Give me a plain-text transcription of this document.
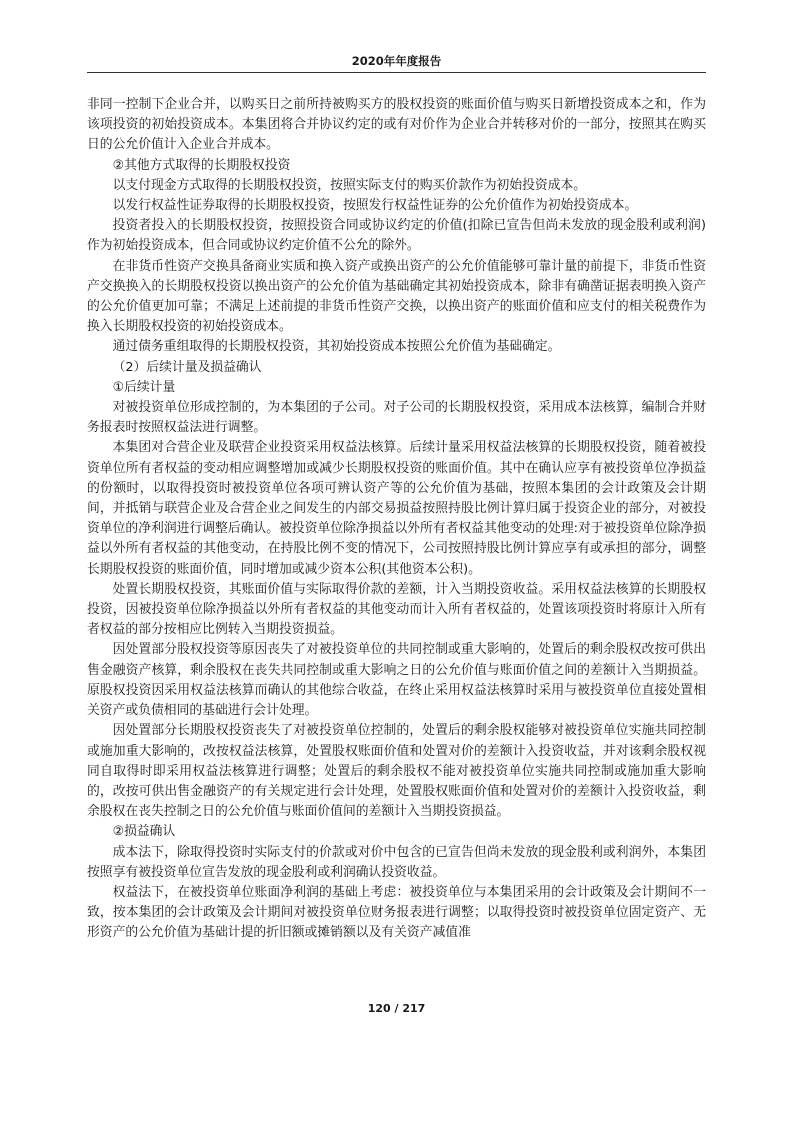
2020年年度报告

非同一控制下企业合并，以购买日之前所持被购买方的股权投资的账面价值与购买日新增投资成本之和，作为该项投资的初始投资成本。本集团将合并协议约定的或有对价作为企业合并转移对价的一部分，按照其在购买日的公允价值计入企业合并成本。

②其他方式取得的长期股权投资

以支付现金方式取得的长期股权投资，按照实际支付的购买价款作为初始投资成本。

以发行权益性证券取得的长期股权投资，按照发行权益性证券的公允价值作为初始投资成本。

投资者投入的长期股权投资，按照投资合同或协议约定的价值(扣除已宣告但尚未发放的现金股利或利润)作为初始投资成本，但合同或协议约定价值不公允的除外。

在非货币性资产交换具备商业实质和换入资产或换出资产的公允价值能够可靠计量的前提下，非货币性资产交换换入的长期股权投资以换出资产的公允价值为基础确定其初始投资成本，除非有确凿证据表明换入资产的公允价值更加可靠；不满足上述前提的非货币性资产交换，以换出资产的账面价值和应支付的相关税费作为换入长期股权投资的初始投资成本。

通过债务重组取得的长期股权投资，其初始投资成本按照公允价值为基础确定。

（2）后续计量及损益确认

①后续计量

对被投资单位形成控制的，为本集团的子公司。对子公司的长期股权投资，采用成本法核算，编制合并财务报表时按照权益法进行调整。

本集团对合营企业及联营企业投资采用权益法核算。后续计量采用权益法核算的长期股权投资，随着被投资单位所有者权益的变动相应调整增加或减少长期股权投资的账面价值。其中在确认应享有被投资单位净损益的份额时，以取得投资时被投资单位各项可辨认资产等的公允价值为基础，按照本集团的会计政策及会计期间，并抵销与联营企业及合营企业之间发生的内部交易损益按照持股比例计算归属于投资企业的部分，对被投资单位的净利润进行调整后确认。被投资单位除净损益以外所有者权益其他变动的处理:对于被投资单位除净损益以外所有者权益的其他变动，在持股比例不变的情况下，公司按照持股比例计算应享有或承担的部分，调整长期股权投资的账面价值，同时增加或减少资本公积(其他资本公积)。

处置长期股权投资，其账面价值与实际取得价款的差额，计入当期投资收益。采用权益法核算的长期股权投资，因被投资单位除净损益以外所有者权益的其他变动而计入所有者权益的，处置该项投资时将原计入所有者权益的部分按相应比例转入当期投资损益。

因处置部分股权投资等原因丧失了对被投资单位的共同控制或重大影响的，处置后的剩余股权改按可供出售金融资产核算，剩余股权在丧失共同控制或重大影响之日的公允价值与账面价值之间的差额计入当期损益。原股权投资因采用权益法核算而确认的其他综合收益，在终止采用权益法核算时采用与被投资单位直接处置相关资产或负债相同的基础进行会计处理。

因处置部分长期股权投资丧失了对被投资单位控制的，处置后的剩余股权能够对被投资单位实施共同控制或施加重大影响的，改按权益法核算，处置股权账面价值和处置对价的差额计入投资收益，并对该剩余股权视同自取得时即采用权益法核算进行调整；处置后的剩余股权不能对被投资单位实施共同控制或施加重大影响的，改按可供出售金融资产的有关规定进行会计处理，处置股权账面价值和处置对价的差额计入投资收益，剩余股权在丧失控制之日的公允价值与账面价值间的差额计入当期投资损益。

②损益确认

成本法下，除取得投资时实际支付的价款或对价中包含的已宣告但尚未发放的现金股利或利润外，本集团按照享有被投资单位宣告发放的现金股利或利润确认投资收益。

权益法下，在被投资单位账面净利润的基础上考虑：被投资单位与本集团采用的会计政策及会计期间不一致，按本集团的会计政策及会计期间对被投资单位财务报表进行调整；以取得投资时被投资单位固定资产、无形资产的公允价值为基础计提的折旧额或摊销额以及有关资产减值准

120 / 217
